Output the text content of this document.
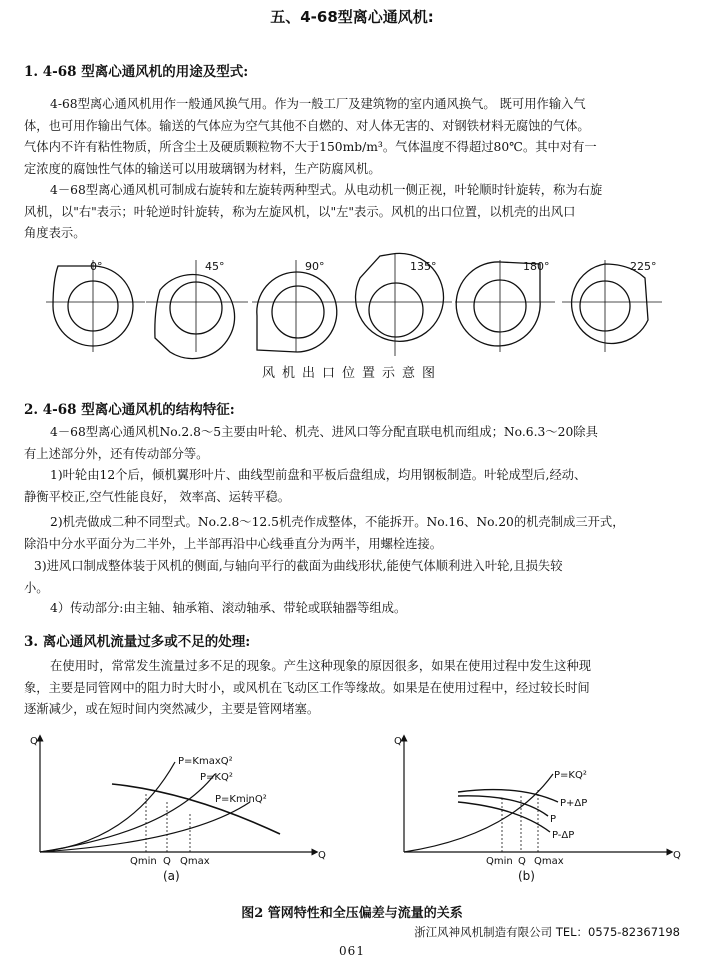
五、4-68型离心通风机:
1. 4-68 型离心通风机的用途及型式:
4-68型离心通风机用作一般通风换气用。作为一般工厂及建筑物的室内通风换气。 既可用作输入气
体，也可用作输出气体。输送的气体应为空气其他不自燃的、对人体无害的、对钢铁材料无腐蚀的气体。
气体内不许有粘性物质，所含尘土及硬质颗粒物不大于150mb/m³。气体温度不得超过80℃。其中对有一
定浓度的腐蚀性气体的输送可以用玻璃钢为材料，生产防腐风机。
4－68型离心通风机可制成右旋转和左旋转两种型式。从电动机一侧正视，叶轮顺时针旋转，称为右旋
风机，以"右"表示；叶轮逆时针旋转，称为左旋风机，以"左"表示。风机的出口位置，以机壳的出风口
角度表示。
0°	45°	90°	135°	180°	225°
风机出口位置示意图
2. 4-68 型离心通风机的结构特征:
4－68型离心通风机No.2.8～5主要由叶轮、机壳、进风口等分配直联电机而组成；No.6.3～20除具
有上述部分外，还有传动部分等。
1)叶轮由12个后，倾机翼形叶片、曲线型前盘和平板后盘组成，均用钢板制造。叶轮成型后,经动、
静衡平校正,空气性能良好， 效率高、运转平稳。
2)机壳做成二种不同型式。No.2.8～12.5机壳作成整体，不能拆开。No.16、No.20的机壳制成三开式，
除沿中分水平面分为二半外，上半部再沿中心线垂直分为两半，用螺栓连接。
3)进风口制成整体装于风机的侧面,与轴向平行的截面为曲线形状,能使气体顺利进入叶轮,且损失较
小。
4）传动部分:由主轴、轴承箱、滚动轴承、带轮或联轴器等组成。
3. 离心通风机流量过多或不足的处理:
在使用时，常常发生流量过多不足的现象。产生这种现象的原因很多，如果在使用过程中发生这种现
象，主要是同管网中的阻力时大时小，或风机在飞动区工作等缘故。如果是在使用过程中，经过较长时间
逐渐减少，或在短时间内突然减少，主要是管网堵塞。
Q
Q
P=KmaxQ²
P=KQ²
P=KminQ²
Qmin Q Qmax
(a)
Q
Q
P=KQ²
P+ΔP
P
P-ΔP
Qmin Q Qmax
(b)
图2 管网特性和全压偏差与流量的关系
浙江风神风机制造有限公司 TEL：0575-82367198
061
